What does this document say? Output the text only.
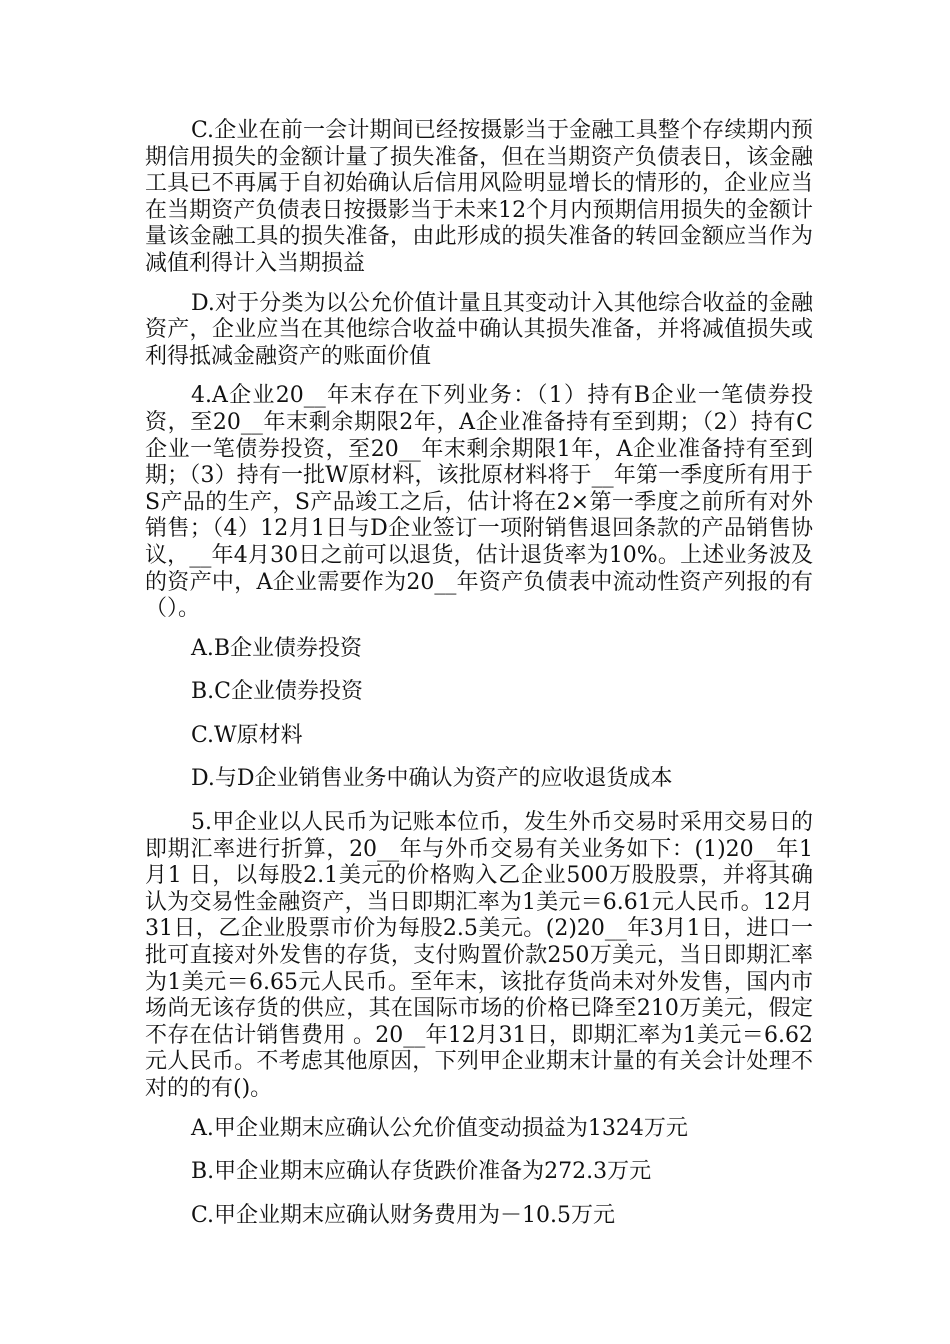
C.企业在前一会计期间已经按摄影当于金融工具整个存续期内预期信用损失的金额计量了损失准备，但在当期资产负债表日，该金融工具已不再属于自初始确认后信用风险明显增长的情形的，企业应当在当期资产负债表日按摄影当于未来12个月内预期信用损失的金额计量该金融工具的损失准备，由此形成的损失准备的转回金额应当作为减值利得计入当期损益

D.对于分类为以公允价值计量且其变动计入其他综合收益的金融资产，企业应当在其他综合收益中确认其损失准备，并将减值损失或利得抵减金融资产的账面价值

4.A企业20__年末存在下列业务：（1）持有B企业一笔债券投资，至20__年末剩余期限2年，A企业准备持有至到期；（2）持有C企业一笔债券投资，至20__年末剩余期限1年，A企业准备持有至到期；（3）持有一批W原材料，该批原材料将于__年第一季度所有用于S产品的生产，S产品竣工之后，估计将在2×第一季度之前所有对外销售；（4）12月1日与D企业签订一项附销售退回条款的产品销售协议，__年4月30日之前可以退货，估计退货率为10%。上述业务波及的资产中，A企业需要作为20__年资产负债表中流动性资产列报的有（）。

A.B企业债券投资

B.C企业债券投资

C.W原材料

D.与D企业销售业务中确认为资产的应收退货成本

5.甲企业以人民币为记账本位币，发生外币交易时采用交易日的即期汇率进行折算，20__年与外币交易有关业务如下：(1)20__年1月1 日，以每股2.1美元的价格购入乙企业500万股股票，并将其确认为交易性金融资产，当日即期汇率为1美元＝6.61元人民币。12月31日，乙企业股票市价为每股2.5美元。(2)20__年3月1日，进口一批可直接对外发售的存货，支付购置价款250万美元，当日即期汇率为1美元＝6.65元人民币。至年末，该批存货尚未对外发售，国内市场尚无该存货的供应，其在国际市场的价格已降至210万美元，假定不存在估计销售费用 。20__年12月31日，即期汇率为1美元＝6.62元人民币。不考虑其他原因，下列甲企业期末计量的有关会计处理不对的的有()。

A.甲企业期末应确认公允价值变动损益为1324万元

B.甲企业期末应确认存货跌价准备为272.3万元

C.甲企业期末应确认财务费用为－10.5万元
